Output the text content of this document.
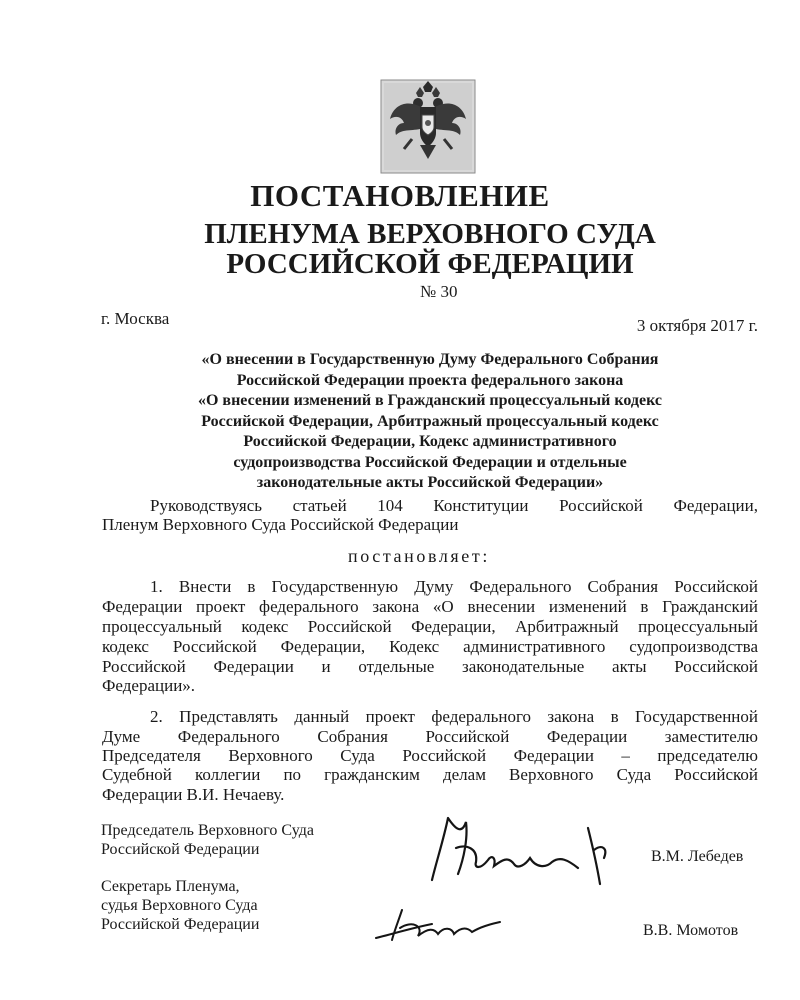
ПОСТАНОВЛЕНИЕ
ПЛЕНУМА ВЕРХОВНОГО СУДА
РОССИЙСКОЙ ФЕДЕРАЦИИ
№ 30
г. Москва	3 октября 2017 г.
«О внесении в Государственную Думу Федерального Собрания
Российской Федерации проекта федерального закона
«О внесении изменений в Гражданский процессуальный кодекс
Российской Федерации, Арбитражный процессуальный кодекс
Российской Федерации, Кодекс административного
судопроизводства Российской Федерации и отдельные
законодательные акты Российской Федерации»
Руководствуясь статьей 104 Конституции Российской Федерации,
Пленум Верховного Суда Российской Федерации
постановляет:
1. Внести в Государственную Думу Федерального Собрания Российской
Федерации проект федерального закона «О внесении изменений в Гражданский
процессуальный кодекс Российской Федерации, Арбитражный процессуальный
кодекс Российской Федерации, Кодекс административного судопроизводства
Российской Федерации и отдельные законодательные акты Российской
Федерации».
2. Представлять данный проект федерального закона в Государственной
Думе Федерального Собрания Российской Федерации заместителю
Председателя Верховного Суда Российской Федерации – председателю
Судебной коллегии по гражданским делам Верховного Суда Российской
Федерации В.И. Нечаеву.
Председатель Верховного Суда
Российской Федерации	В.М. Лебедев
Секретарь Пленума,
судья Верховного Суда
Российской Федерации	В.В. Момотов
